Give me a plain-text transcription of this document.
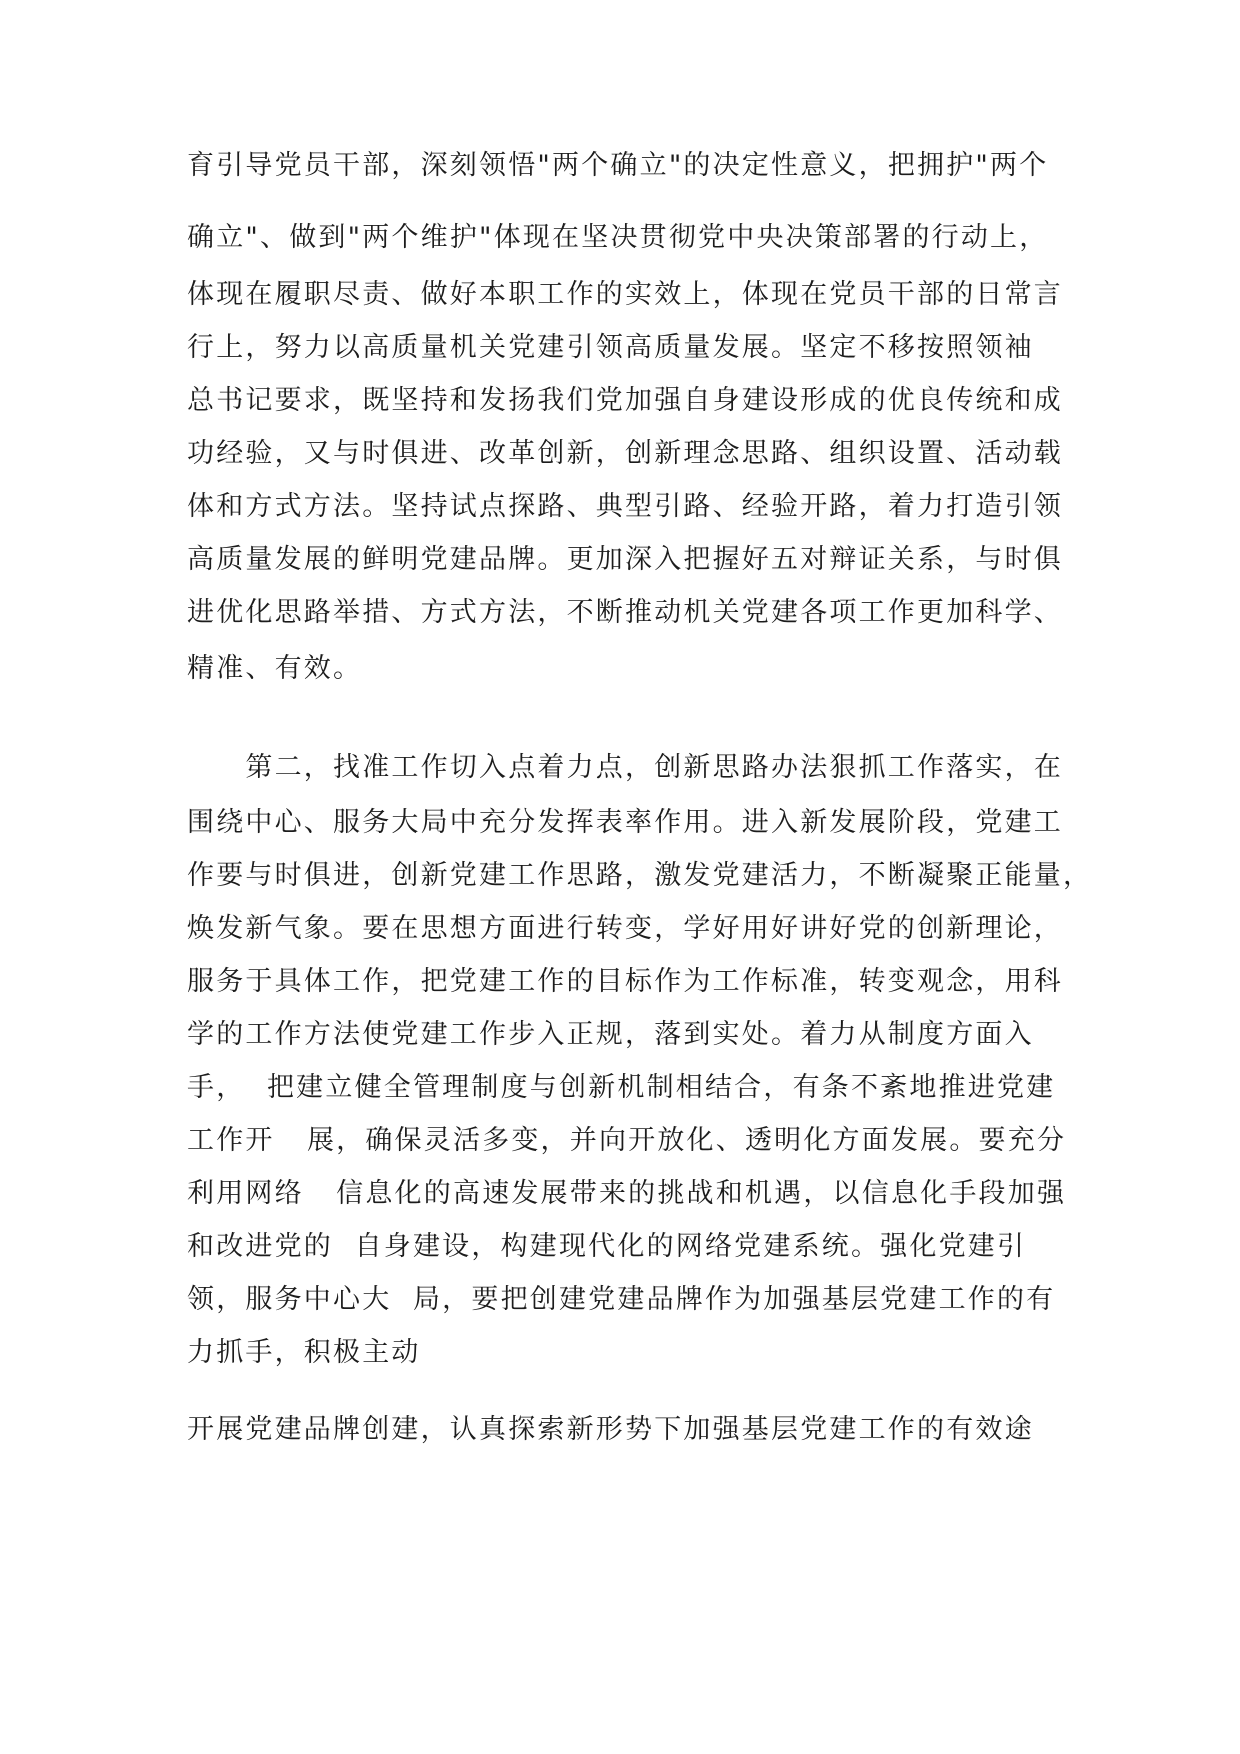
育引导党员干部，深刻领悟"两个确立"的决定性意义，把拥护"两个
确立"、做到"两个维护"体现在坚决贯彻党中央决策部署的行动上，
体现在履职尽责、做好本职工作的实效上，体现在党员干部的日常言
行上，努力以高质量机关党建引领高质量发展。坚定不移按照领袖
总书记要求，既坚持和发扬我们党加强自身建设形成的优良传统和成
功经验，又与时俱进、改革创新，创新理念思路、组织设置、活动载
体和方式方法。坚持试点探路、典型引路、经验开路，着力打造引领
高质量发展的鲜明党建品牌。更加深入把握好五对辩证关系，与时俱
进优化思路举措、方式方法，不断推动机关党建各项工作更加科学、
精准、有效。
　　第二，找准工作切入点着力点，创新思路办法狠抓工作落实，在
围绕中心、服务大局中充分发挥表率作用。进入新发展阶段，党建工
作要与时俱进，创新党建工作思路，激发党建活力，不断凝聚正能量，
焕发新气象。要在思想方面进行转变，学好用好讲好党的创新理论，
服务于具体工作，把党建工作的目标作为工作标准，转变观念，用科
学的工作方法使党建工作步入正规，落到实处。着力从制度方面入
手，  把建立健全管理制度与创新机制相结合，有条不紊地推进党建
工作开   展，确保灵活多变，并向开放化、透明化方面发展。要充分
利用网络   信息化的高速发展带来的挑战和机遇，以信息化手段加强
和改进党的  自身建设，构建现代化的网络党建系统。强化党建引
领，服务中心大  局，要把创建党建品牌作为加强基层党建工作的有
力抓手，积极主动
开展党建品牌创建，认真探索新形势下加强基层党建工作的有效途
